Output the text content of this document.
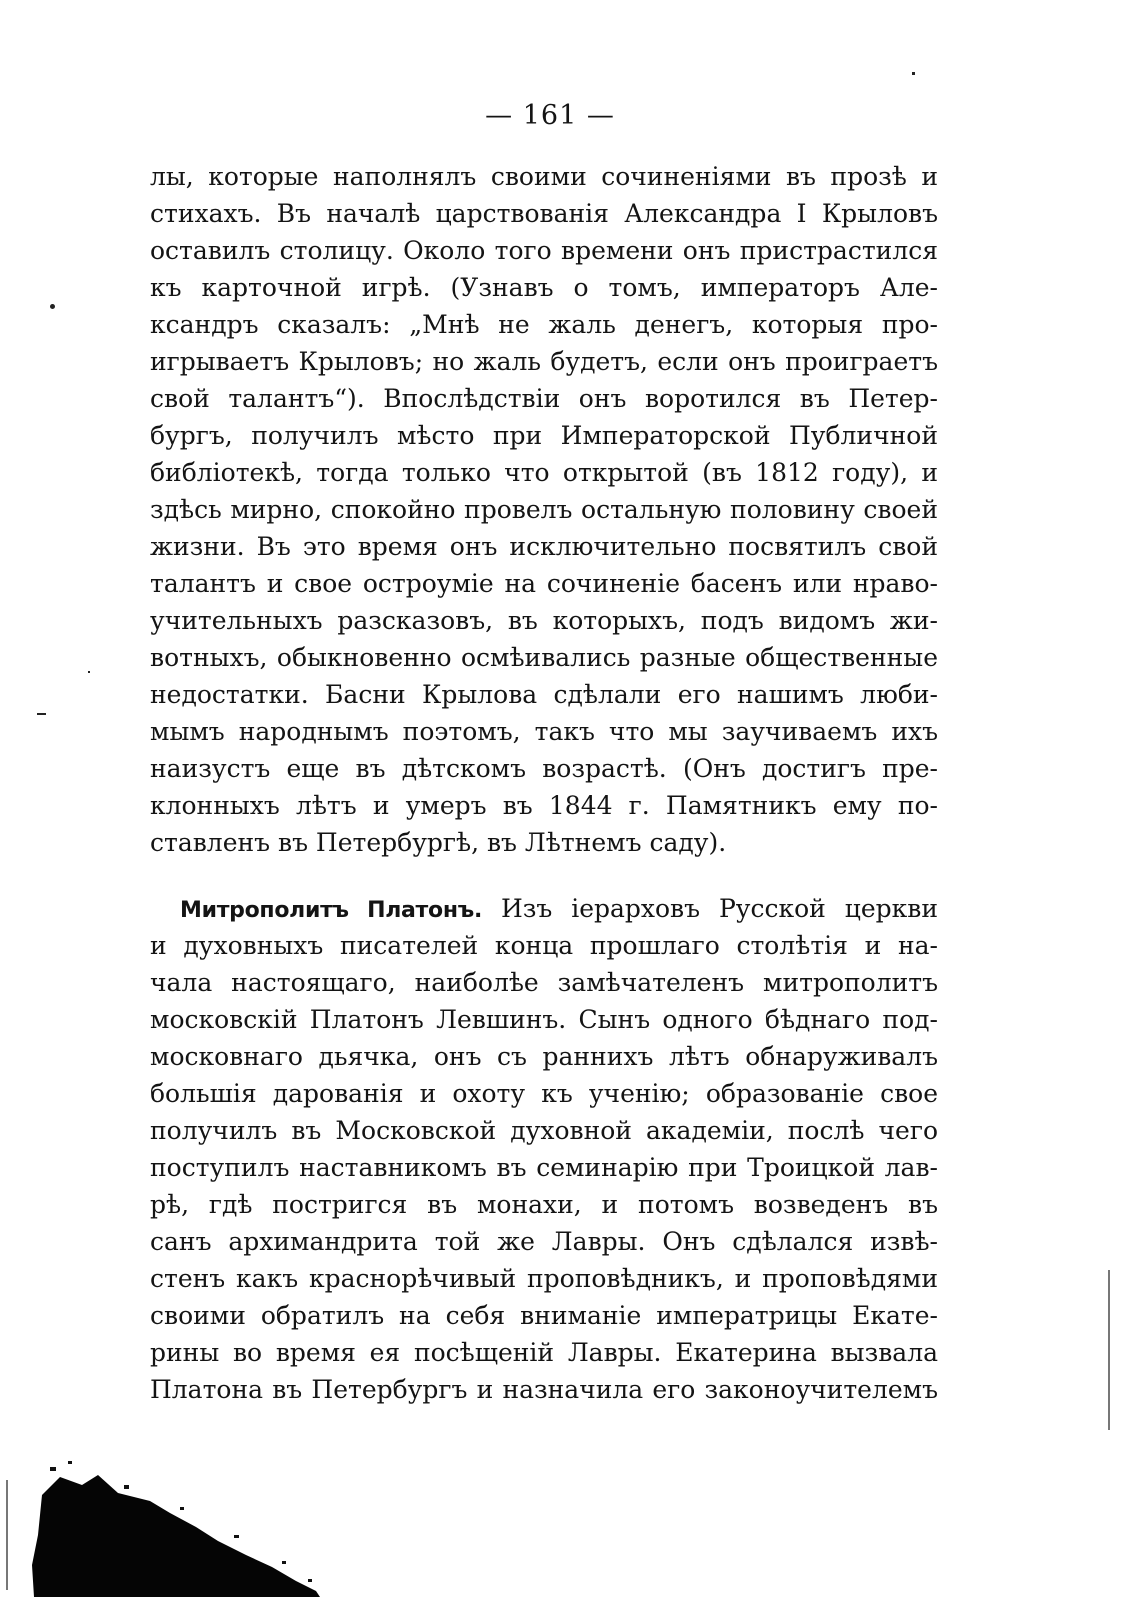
— 161 —
лы, которые наполнялъ своими сочиненiями въ прозѣ и
стихахъ. Въ началѣ царствованiя Александра I Крыловъ
оставилъ столицу. Около того времени онъ пристрастился
къ карточной игрѣ. (Узнавъ о томъ, императоръ Але-
ксандръ сказалъ: „Мнѣ не жаль денегъ, которыя про-
игрываетъ Крыловъ; но жаль будетъ, если онъ проиграетъ
свой талантъ“). Впослѣдствiи онъ воротился въ Петер-
бургъ, получилъ мѣсто при Императорской Публичной
библiотекѣ, тогда только что открытой (въ 1812 году), и
здѣсь мирно, спокойно провелъ остальную половину своей
жизни. Въ это время онъ исключительно посвятилъ свой
талантъ и свое остроумiе на сочиненiе басенъ или нраво-
учительныхъ разсказовъ, въ которыхъ, подъ видомъ жи-
вотныхъ, обыкновенно осмѣивались разные общественные
недостатки. Басни Крылова сдѣлали его нашимъ люби-
мымъ народнымъ поэтомъ, такъ что мы заучиваемъ ихъ
наизустъ еще въ дѣтскомъ возрастѣ. (Онъ достигъ пре-
клонныхъ лѣтъ и умеръ въ 1844 г. Памятникъ ему по-
ставленъ въ Петербургѣ, въ Лѣтнемъ саду).
Митрополитъ Платонъ. Изъ iерарховъ Русской церкви
и духовныхъ писателей конца прошлаго столѣтiя и на-
чала настоящаго, наиболѣе замѣчателенъ митрополитъ
московскiй Платонъ Левшинъ. Сынъ одного бѣднаго под-
московнаго дьячка, онъ съ раннихъ лѣтъ обнаруживалъ
большiя дарованiя и охоту къ ученiю; образованiе свое
получилъ въ Московской духовной академiи, послѣ чего
поступилъ наставникомъ въ семинарiю при Троицкой лав-
рѣ, гдѣ постригся въ монахи, и потомъ возведенъ въ
санъ архимандрита той же Лавры. Онъ сдѣлался извѣ-
стенъ какъ краснорѣчивый проповѣдникъ, и проповѣдями
своими обратилъ на себя вниманiе императрицы Екате-
рины во время ея посѣщенiй Лавры. Екатерина вызвала
Платона въ Петербургъ и назначила его законоучителемъ
